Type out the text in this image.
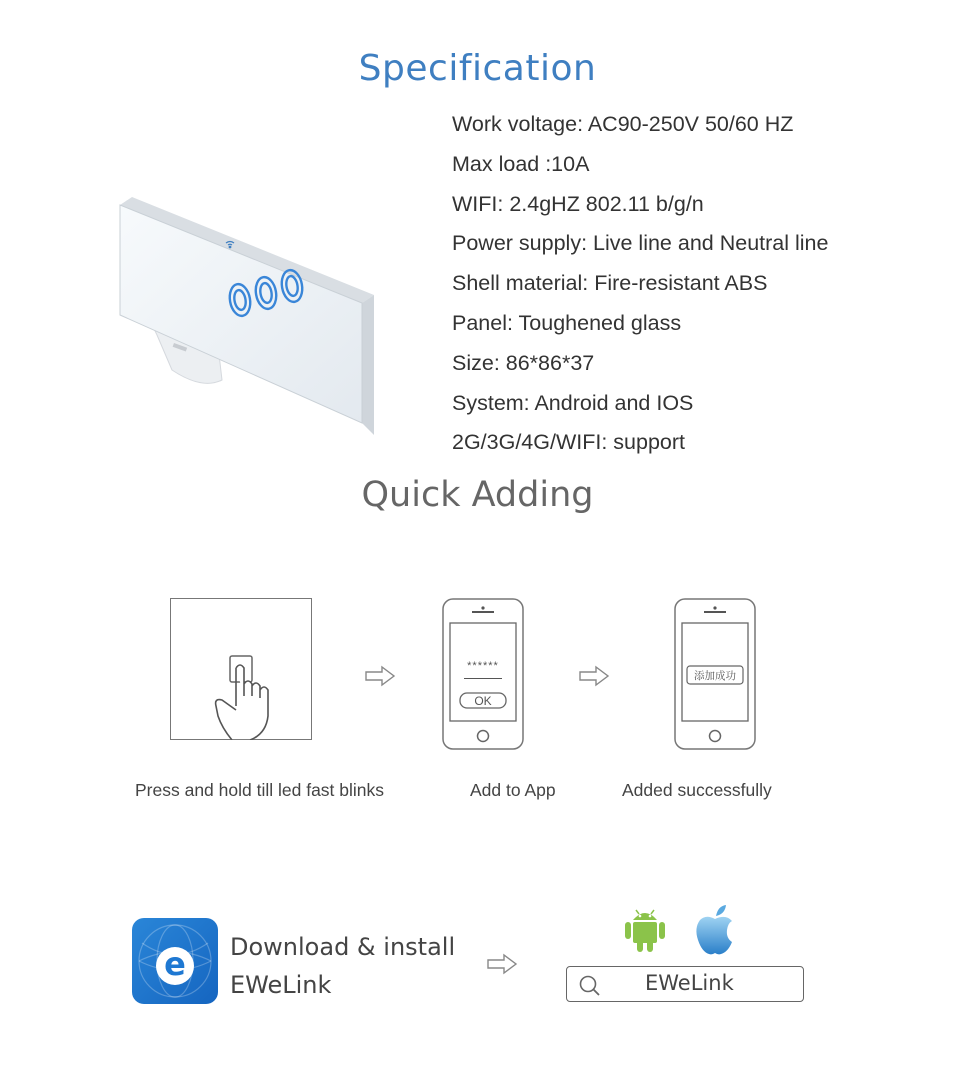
Specification
Work voltage: AC90-250V 50/60 HZ
Max load :10A
WIFI: 2.4gHZ 802.11 b/g/n
Power supply: Live line and Neutral line
Shell material: Fire-resistant ABS
Panel: Toughened glass
Size: 86*86*37
System: Android and IOS
2G/3G/4G/WIFI: support
Quick Adding
******
OK
添加成功
Press and hold till led fast blinks	Add to App	Added successfully
e	Download & install
EWeLink	EWeLink
